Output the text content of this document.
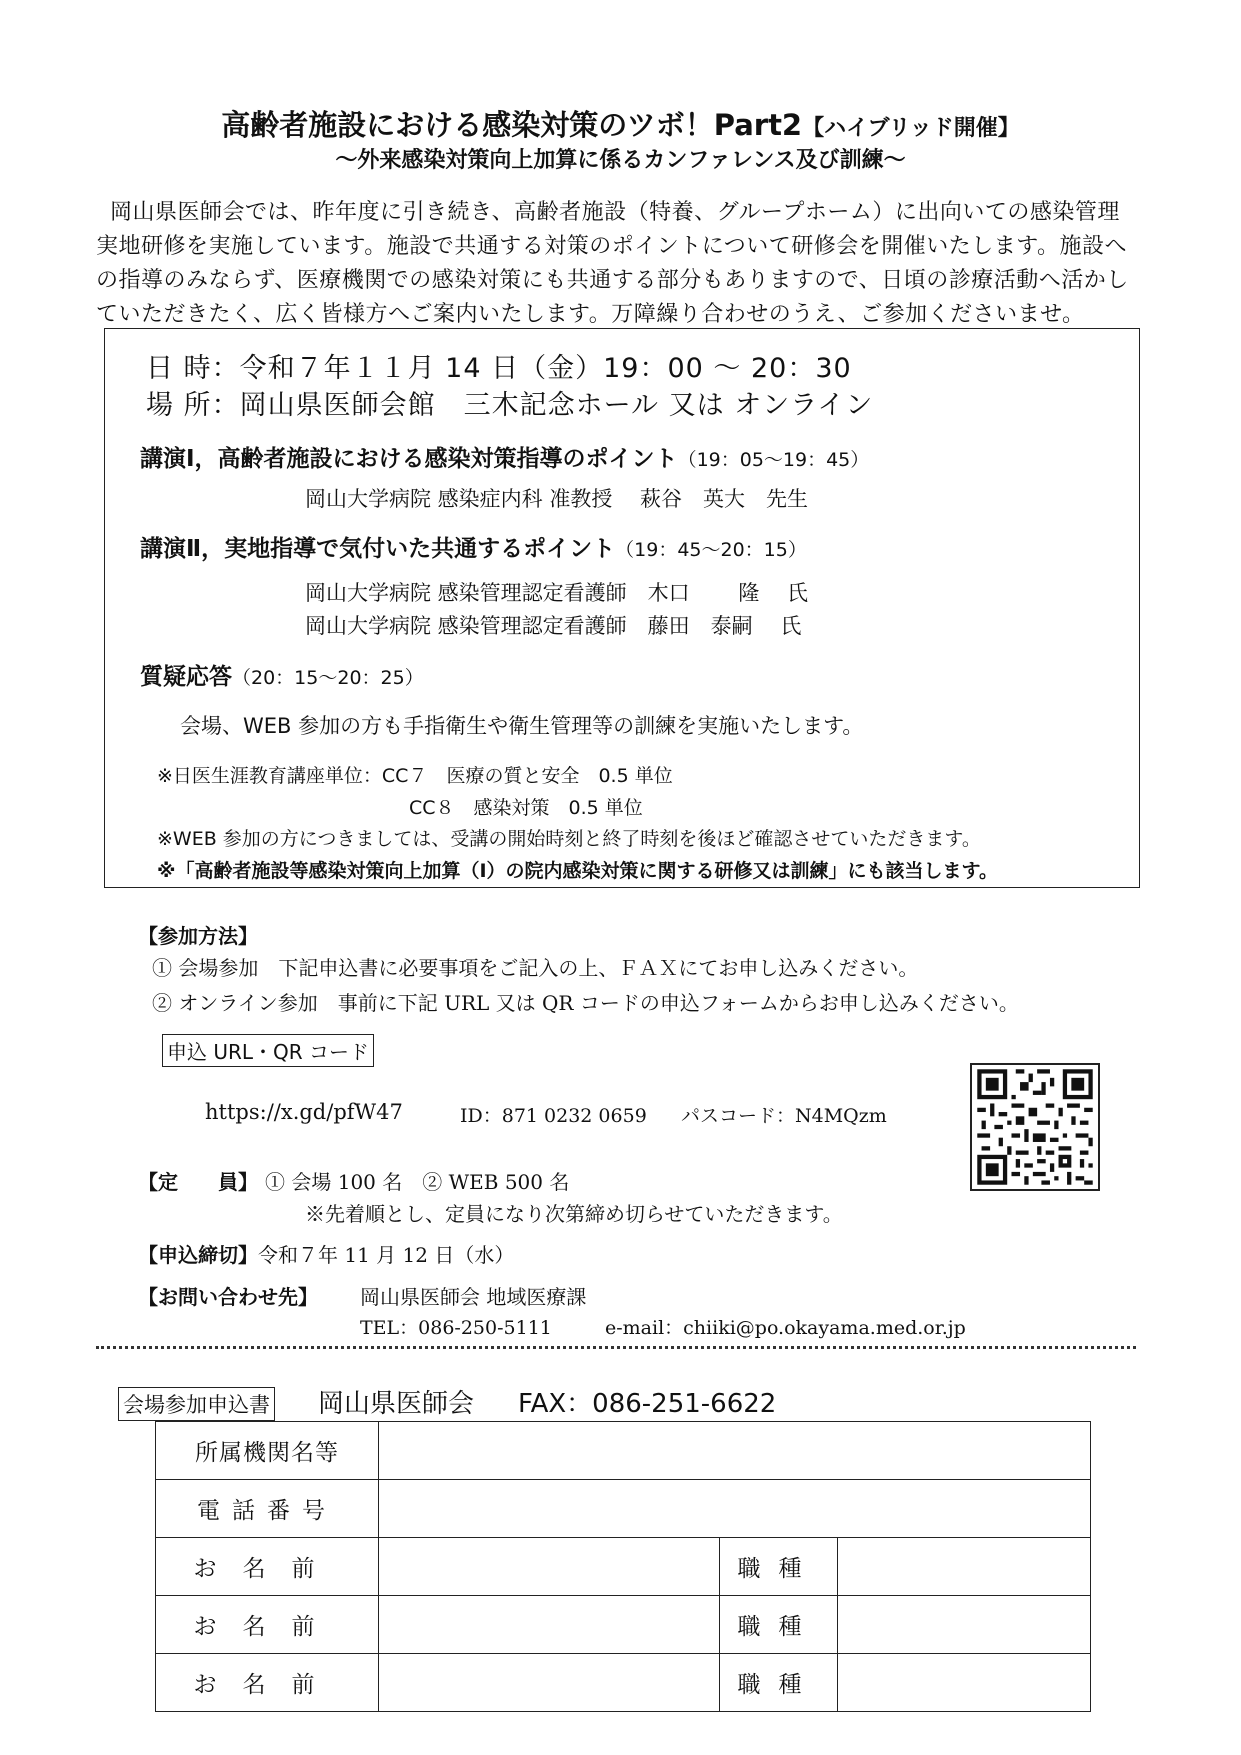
高齢者施設における感染対策のツボ！Part2【ハイブリッド開催】
〜外来感染対策向上加算に係るカンファレンス及び訓練〜

岡山県医師会では、昨年度に引き続き、高齢者施設（特養、グループホーム）に出向いての感染管理

実地研修を実施しています。施設で共通する対策のポイントについて研修会を開催いたします。施設へ

の指導のみならず、医療機関での感染対策にも共通する部分もありますので、日頃の診療活動へ活かし

ていただきたく、広く皆様方へご案内いたします。万障繰り合わせのうえ、ご参加くださいませ。

日 時：令和７年１１月 14 日（金）19：00 〜 20：30
場 所：岡山県医師会館　三木記念ホール 又は オンライン
講演Ⅰ，高齢者施設における感染対策指導のポイント（19：05〜19：45）
岡山大学病院 感染症内科 准教授　 萩谷　英大　先生
講演Ⅱ，実地指導で気付いた共通するポイント（19：45〜20：15）
岡山大学病院 感染管理認定看護師　木口　　 隆　 氏
岡山大学病院 感染管理認定看護師　藤田　泰嗣　 氏
質疑応答（20：15〜20：25）
会場、WEB 参加の方も手指衛生や衛生管理等の訓練を実施いたします。
※日医生涯教育講座単位：CC７　医療の質と安全　0.5 単位
CC８　感染対策　0.5 単位
※WEB 参加の方につきましては、受講の開始時刻と終了時刻を後ほど確認させていただきます。
※「高齢者施設等感染対策向上加算（Ⅰ）の院内感染対策に関する研修又は訓練」にも該当します。
【参加方法】
① 会場参加　下記申込書に必要事項をご記入の上、ＦＡＸにてお申し込みください。
② オンライン参加　事前に下記 URL 又は QR コードの申込フォームからお申し込みください。
申込 URL・QR コード
https://x.gd/pfW47	ID：871 0232 0659 パスコード：N4MQzm
【定　　員】 ① 会場 100 名　② WEB 500 名
※先着順とし、定員になり次第締め切らせていただきます。
【申込締切】 令和７年 11 月 12 日（水）
【お問い合わせ先】 岡山県医師会 地域医療課
TEL：086-250-5111	e-mail：chiiki@po.okayama.med.or.jp
会場参加申込書 岡山県医師会 FAX：086-251-6622
所属機関名等			
電話番号			
お名前		職種	
お名前		職種	
お名前		職種	
